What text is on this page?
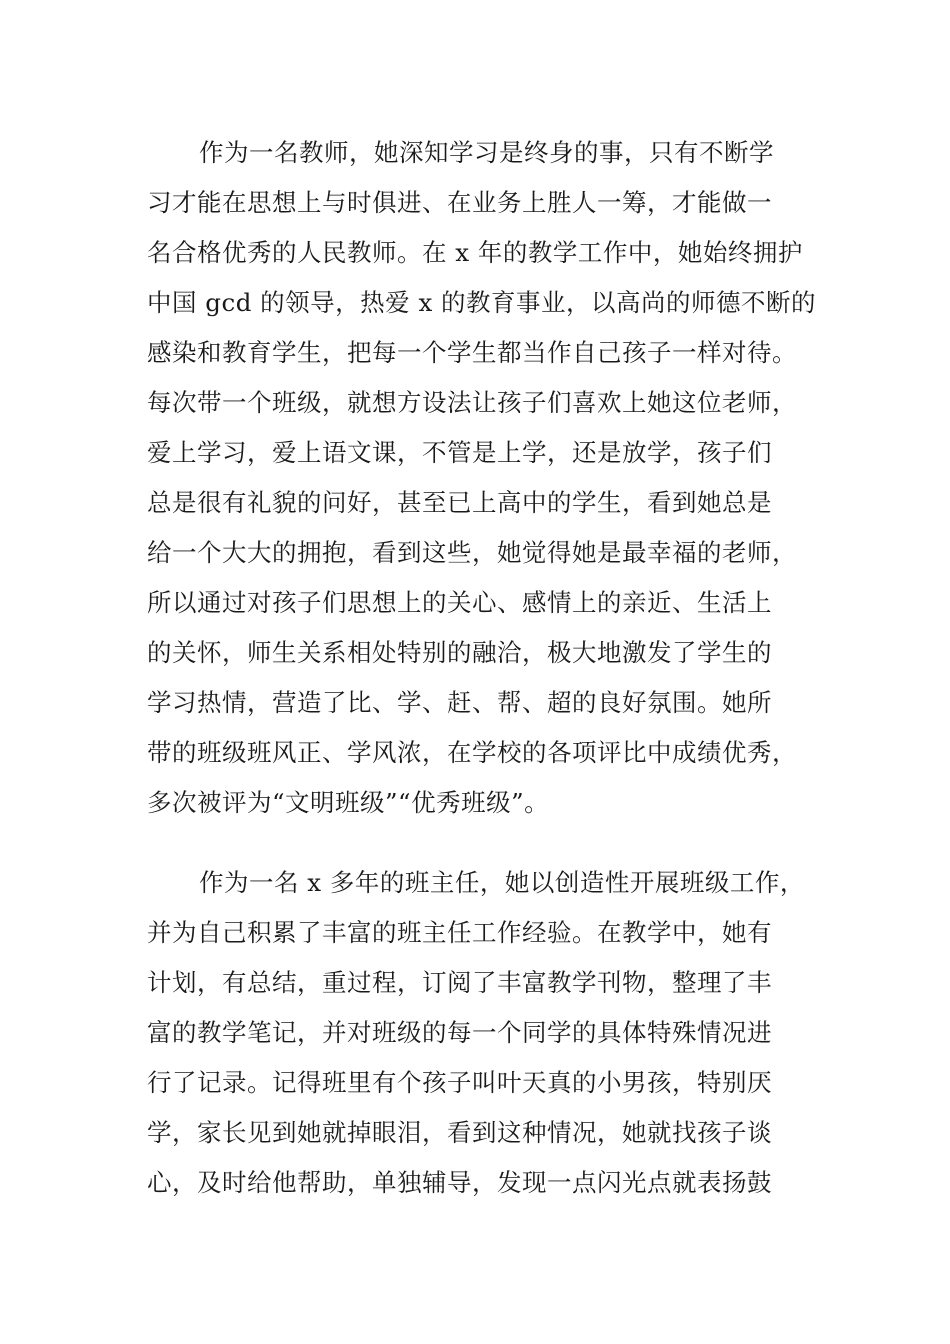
作为一名教师，她深知学习是终身的事，只有不断学
习才能在思想上与时俱进、在业务上胜人一筹，才能做一
名合格优秀的人民教师。在 x 年的教学工作中，她始终拥护
中国 gcd 的领导，热爱 x 的教育事业，以高尚的师德不断的
感染和教育学生，把每一个学生都当作自己孩子一样对待。
每次带一个班级，就想方设法让孩子们喜欢上她这位老师，
爱上学习，爱上语文课，不管是上学，还是放学，孩子们
总是很有礼貌的问好，甚至已上高中的学生，看到她总是
给一个大大的拥抱，看到这些，她觉得她是最幸福的老师，
所以通过对孩子们思想上的关心、感情上的亲近、生活上
的关怀，师生关系相处特别的融洽，极大地激发了学生的
学习热情，营造了比、学、赶、帮、超的良好氛围。她所
带的班级班风正、学风浓，在学校的各项评比中成绩优秀，
多次被评为“文明班级”“优秀班级”。
作为一名 x 多年的班主任，她以创造性开展班级工作，
并为自己积累了丰富的班主任工作经验。在教学中，她有
计划，有总结，重过程，订阅了丰富教学刊物，整理了丰
富的教学笔记，并对班级的每一个同学的具体特殊情况进
行了记录。记得班里有个孩子叫叶天真的小男孩，特别厌
学，家长见到她就掉眼泪，看到这种情况，她就找孩子谈
心，及时给他帮助，单独辅导，发现一点闪光点就表扬鼓
